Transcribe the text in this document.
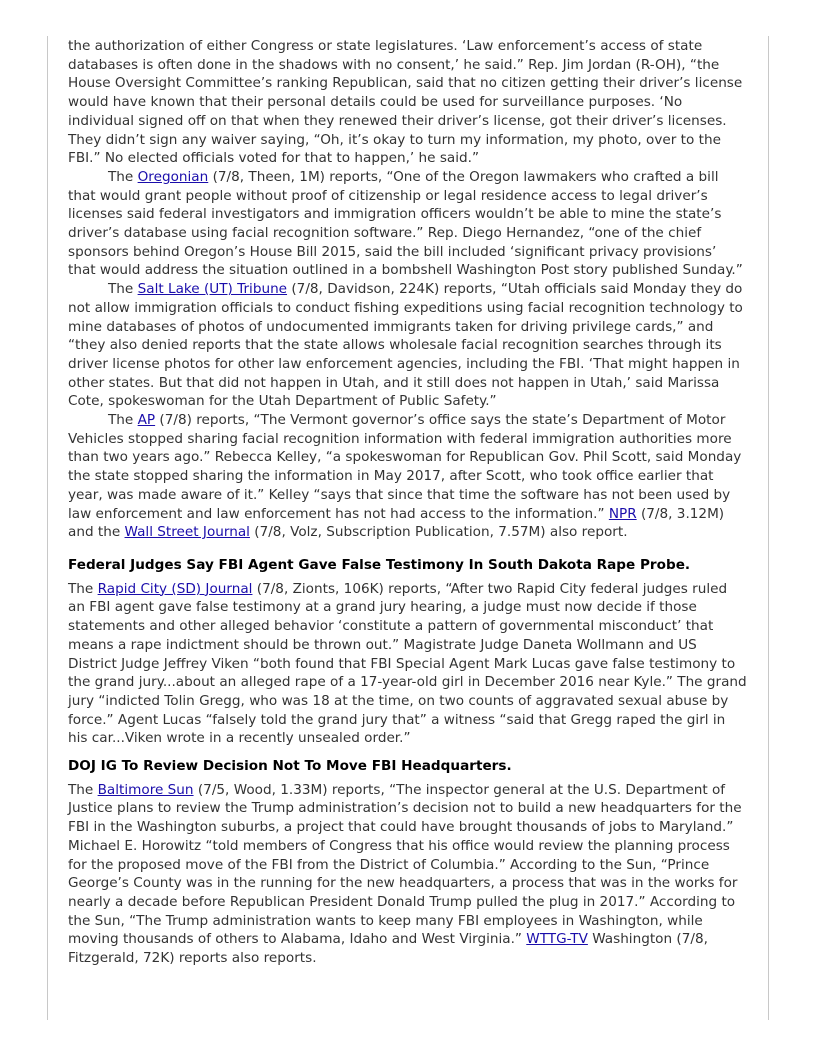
the authorization of either Congress or state legislatures. ‘Law enforcement’s access of state databases is often done in the shadows with no consent,’ he said.” Rep. Jim Jordan (R-OH), “the House Oversight Committee’s ranking Republican, said that no citizen getting their driver’s license would have known that their personal details could be used for surveillance purposes. ‘No individual signed off on that when they renewed their driver’s license, got their driver’s licenses. They didn’t sign any waiver saying, “Oh, it’s okay to turn my information, my photo, over to the FBI.” No elected officials voted for that to happen,’ he said.”

The Oregonian (7/8, Theen, 1M) reports, “One of the Oregon lawmakers who crafted a bill that would grant people without proof of citizenship or legal residence access to legal driver’s licenses said federal investigators and immigration officers wouldn’t be able to mine the state’s driver’s database using facial recognition software.” Rep. Diego Hernandez, “one of the chief sponsors behind Oregon’s House Bill 2015, said the bill included ‘significant privacy provisions’ that would address the situation outlined in a bombshell Washington Post story published Sunday.”

The Salt Lake (UT) Tribune (7/8, Davidson, 224K) reports, “Utah officials said Monday they do not allow immigration officials to conduct fishing expeditions using facial recognition technology to mine databases of photos of undocumented immigrants taken for driving privilege cards,” and “they also denied reports that the state allows wholesale facial recognition searches through its driver license photos for other law enforcement agencies, including the FBI. ‘That might happen in other states. But that did not happen in Utah, and it still does not happen in Utah,’ said Marissa Cote, spokeswoman for the Utah Department of Public Safety.”

The AP (7/8) reports, “The Vermont governor’s office says the state’s Department of Motor Vehicles stopped sharing facial recognition information with federal immigration authorities more than two years ago.” Rebecca Kelley, “a spokeswoman for Republican Gov. Phil Scott, said Monday the state stopped sharing the information in May 2017, after Scott, who took office earlier that year, was made aware of it.” Kelley “says that since that time the software has not been used by law enforcement and law enforcement has not had access to the information.” NPR (7/8, 3.12M) and the Wall Street Journal (7/8, Volz, Subscription Publication, 7.57M) also report.

Federal Judges Say FBI Agent Gave False Testimony In South Dakota Rape Probe.

The Rapid City (SD) Journal (7/8, Zionts, 106K) reports, “After two Rapid City federal judges ruled an FBI agent gave false testimony at a grand jury hearing, a judge must now decide if those statements and other alleged behavior ‘constitute a pattern of governmental misconduct’ that means a rape indictment should be thrown out.” Magistrate Judge Daneta Wollmann and US District Judge Jeffrey Viken “both found that FBI Special Agent Mark Lucas gave false testimony to the grand jury...about an alleged rape of a 17-year-old girl in December 2016 near Kyle.” The grand jury “indicted Tolin Gregg, who was 18 at the time, on two counts of aggravated sexual abuse by force.” Agent Lucas “falsely told the grand jury that” a witness “said that Gregg raped the girl in his car...Viken wrote in a recently unsealed order.”

DOJ IG To Review Decision Not To Move FBI Headquarters.

The Baltimore Sun (7/5, Wood, 1.33M) reports, “The inspector general at the U.S. Department of Justice plans to review the Trump administration’s decision not to build a new headquarters for the FBI in the Washington suburbs, a project that could have brought thousands of jobs to Maryland.” Michael E. Horowitz “told members of Congress that his office would review the planning process for the proposed move of the FBI from the District of Columbia.” According to the Sun, “Prince George’s County was in the running for the new headquarters, a process that was in the works for nearly a decade before Republican President Donald Trump pulled the plug in 2017.” According to the Sun, “The Trump administration wants to keep many FBI employees in Washington, while moving thousands of others to Alabama, Idaho and West Virginia.” WTTG-TV Washington (7/8, Fitzgerald, 72K) reports also reports.
